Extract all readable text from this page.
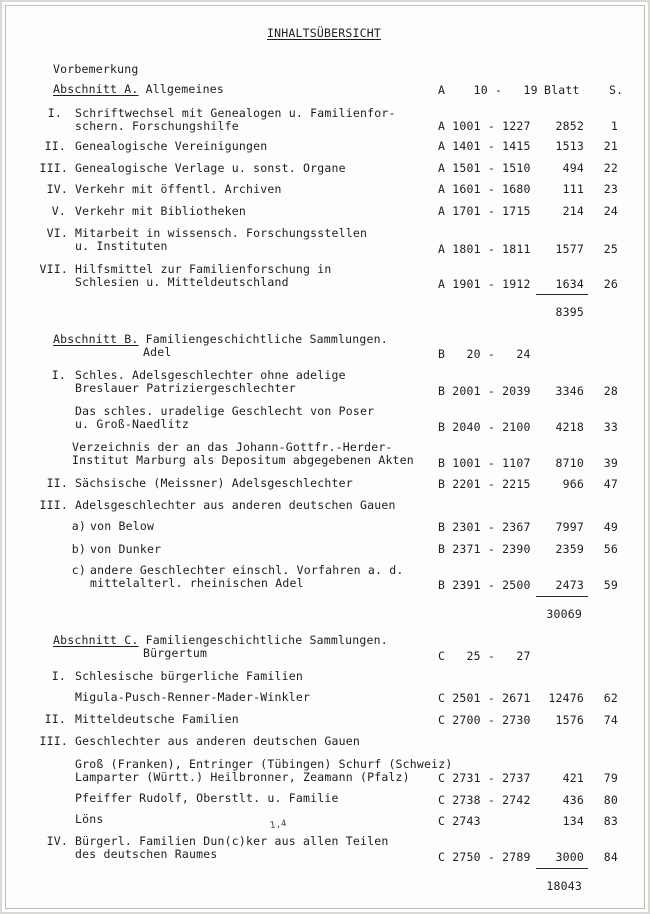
INHALTSÜBERSICHT
Vorbemerkung
Abschnitt A. Allgemeines	A    10 -   19 Blatt	S.
I. Schriftwechsel mit Genealogen u. Familienfor-
schern. Forschungshilfe	A 1001 - 1227	2852	1
II. Genealogische Vereinigungen	A 1401 - 1415	1513	21
III. Genealogische Verlage u. sonst. Organe	A 1501 - 1510	494	22
IV. Verkehr mit öffentl. Archiven	A 1601 - 1680	111	23
V. Verkehr mit Bibliotheken	A 1701 - 1715	214	24
VI. Mitarbeit in wissensch. Forschungsstellen
u. Instituten	A 1801 - 1811	1577	25
VII. Hilfsmittel zur Familienforschung in
Schlesien u. Mitteldeutschland	A 1901 - 1912	1634	26
8395
Abschnitt B. Familiengeschichtliche Sammlungen.
Adel	B   20 -   24
I. Schles. Adelsgeschlechter ohne adelige
Breslauer Patriziergeschlechter	B 2001 - 2039	3346	28
Das schles. uradelige Geschlecht von Poser
u. Groß-Naedlitz	B 2040 - 2100	4218	33
Verzeichnis der an das Johann-Gottfr.-Herder-
Institut Marburg als Depositum abgegebenen Akten B 1001 - 1107	8710	39
II. Sächsische (Meissner) Adelsgeschlechter	B 2201 - 2215	966	47
III. Adelsgeschlechter aus anderen deutschen Gauen
a) von Below	B 2301 - 2367	7997	49
b) von Dunker	B 2371 - 2390	2359	56
c) andere Geschlechter einschl. Vorfahren a. d.
mittelalterl. rheinischen Adel	B 2391 - 2500	2473	59
30069
Abschnitt C. Familiengeschichtliche Sammlungen.
Bürgertum	C   25 -   27
I. Schlesische bürgerliche Familien
Migula-Pusch-Renner-Mader-Winkler	C 2501 - 2671	12476	62
II. Mitteldeutsche Familien	C 2700 - 2730	1576	74
III. Geschlechter aus anderen deutschen Gauen
Groß (Franken), Entringer (Tübingen) Schurf (Schweiz)
Lamparter (Württ.) Heilbronner, Zeamann (Pfalz) C 2731 - 2737	421	79
Pfeiffer Rudolf, Oberstlt. u. Familie	C 2738 - 2742	436	80
Löns	C 2743	134	83
1,4
IV. Bürgerl. Familien Dun(c)ker aus allen Teilen
des deutschen Raumes	C 2750 - 2789	3000	84
18043
